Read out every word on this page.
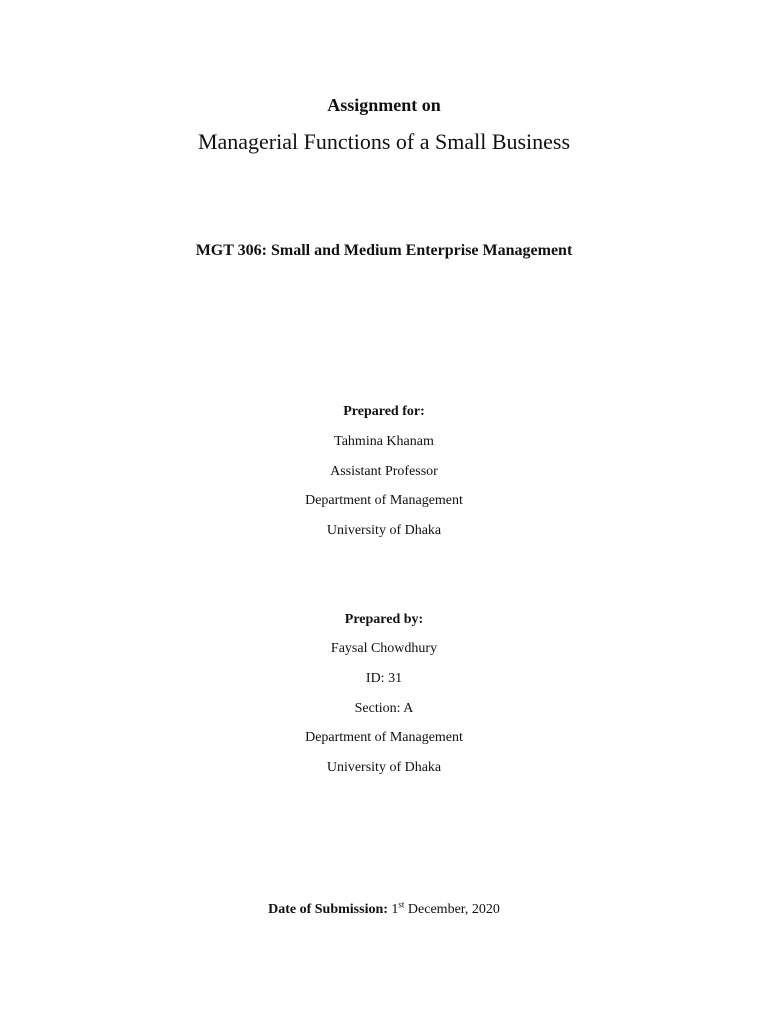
Assignment on
Managerial Functions of a Small Business
MGT 306: Small and Medium Enterprise Management
Prepared for:
Tahmina Khanam
Assistant Professor
Department of Management
University of Dhaka
Prepared by:
Faysal Chowdhury
ID: 31
Section: A
Department of Management
University of Dhaka
Date of Submission: 1st December, 2020
